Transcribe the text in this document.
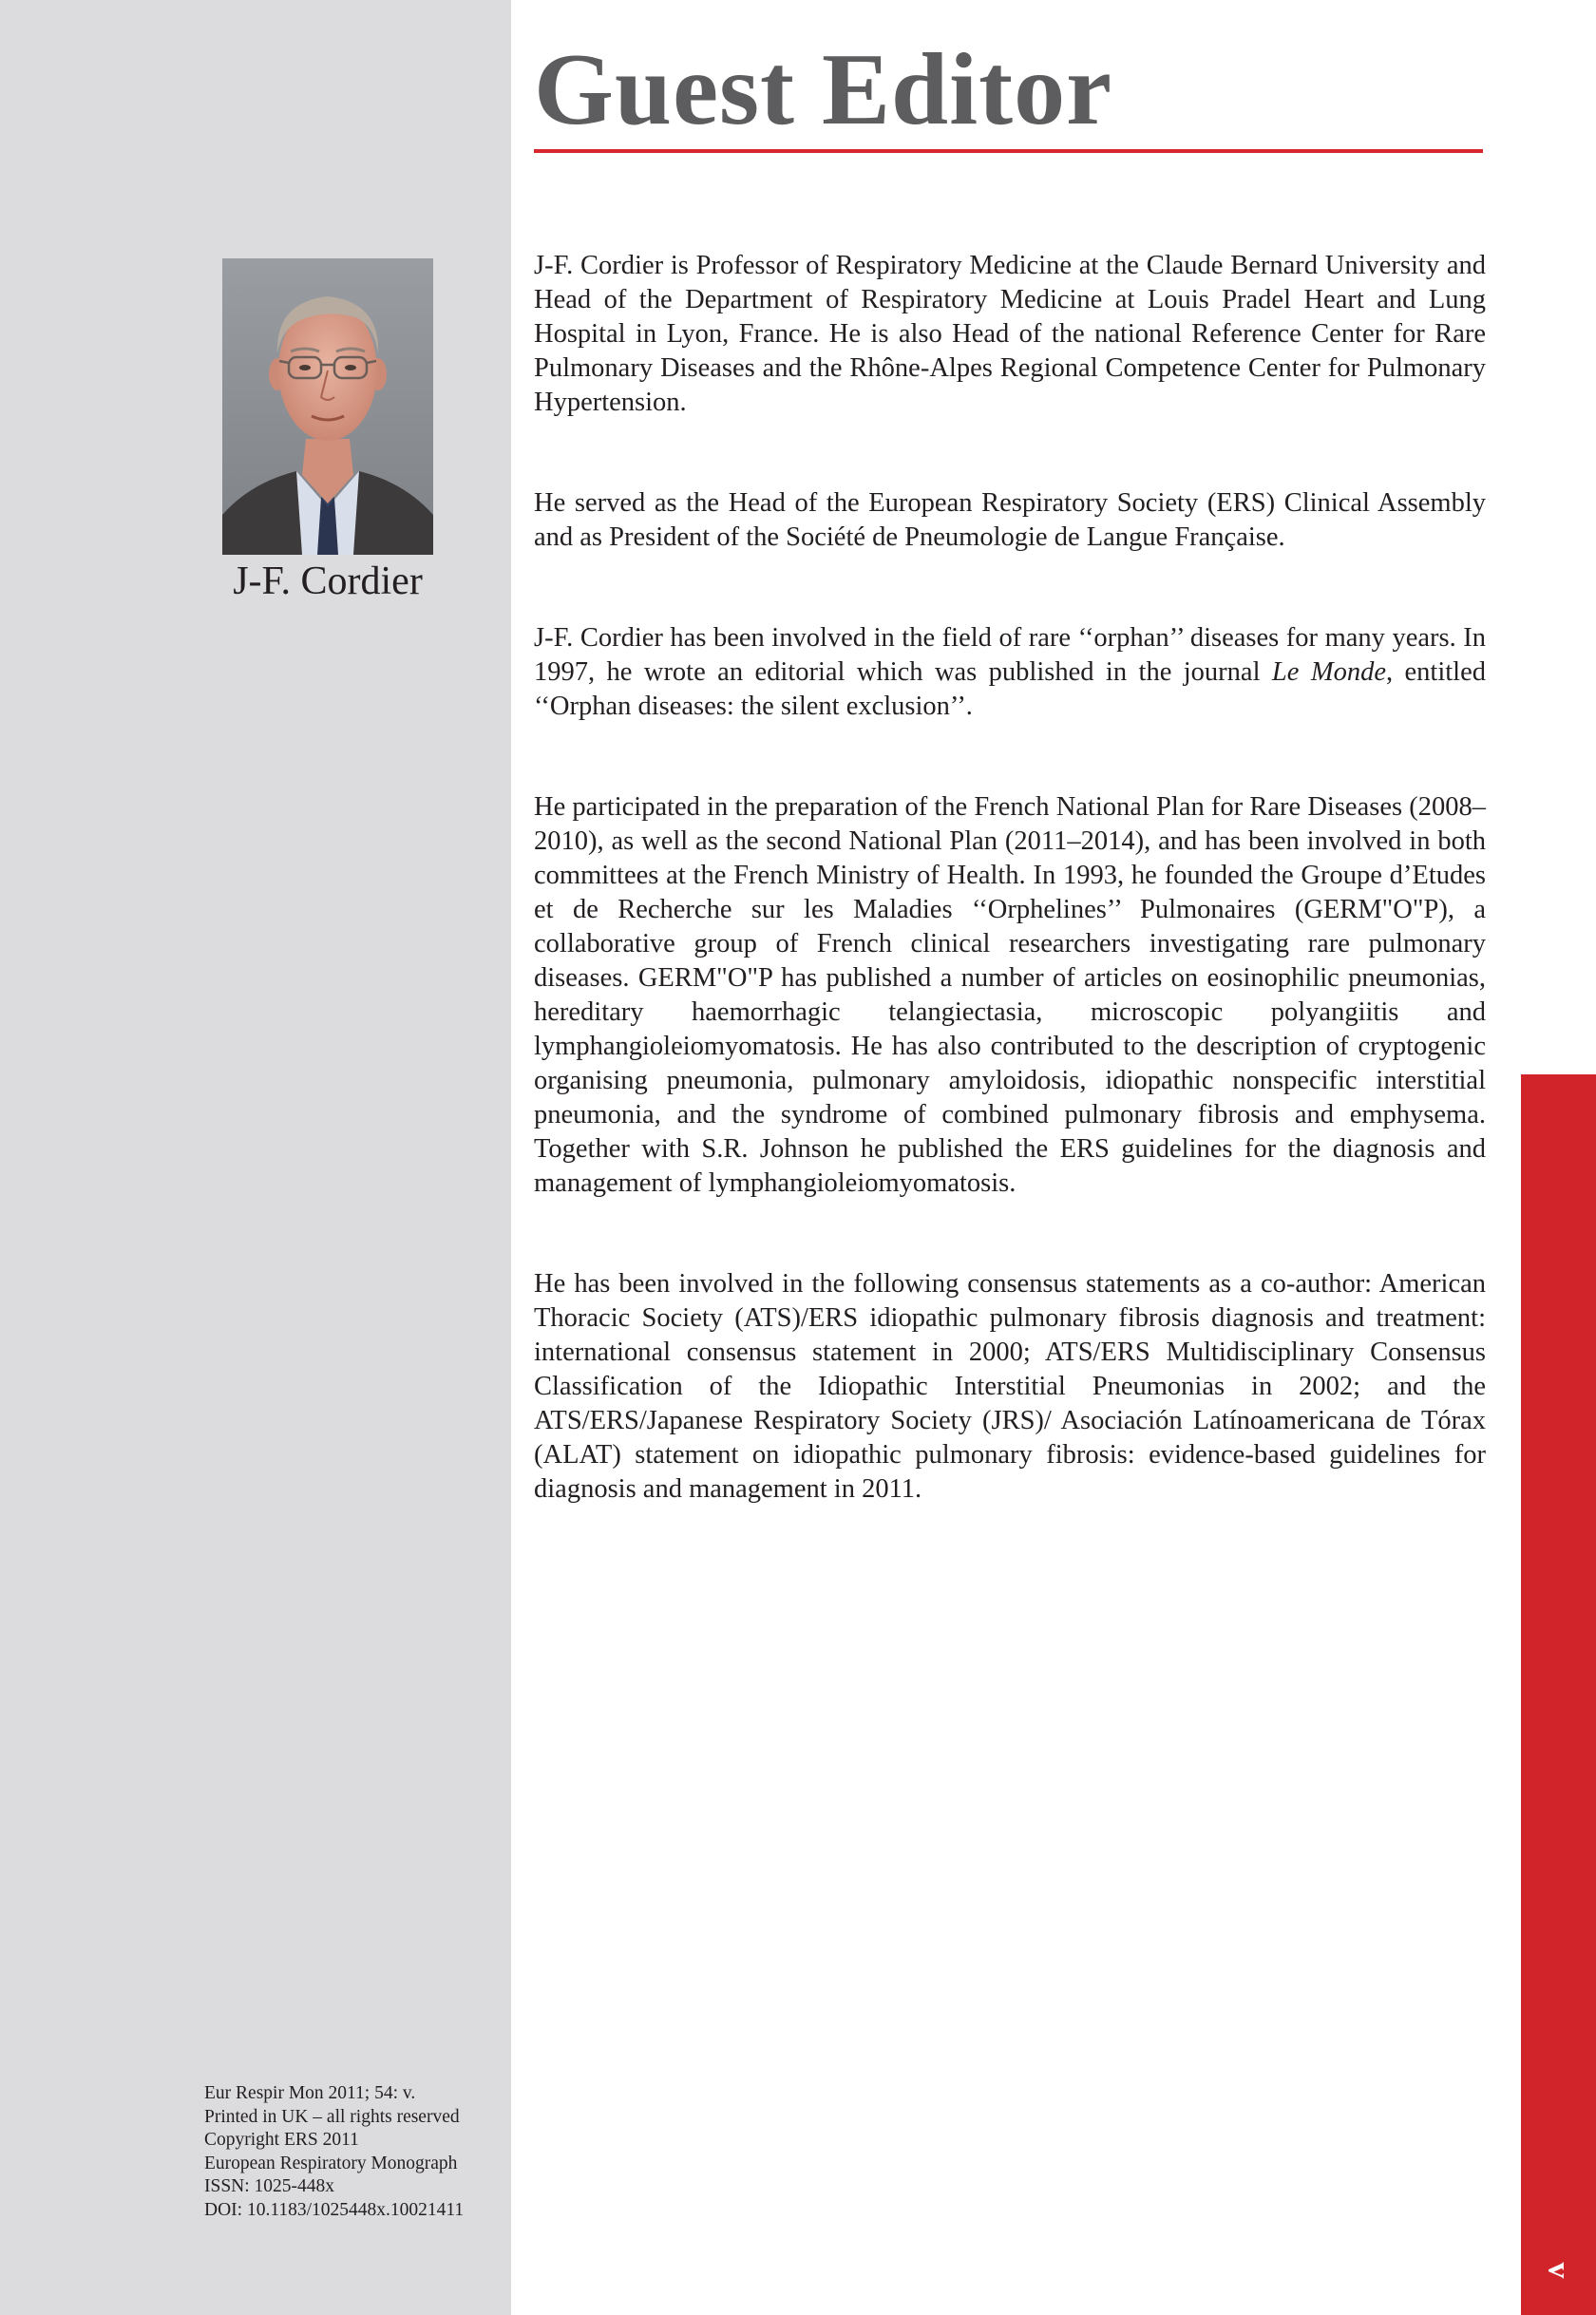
J-F. Cordier
Eur Respir Mon 2011; 54: v.
Printed in UK – all rights reserved
Copyright ERS 2011
European Respiratory Monograph
ISSN: 1025-448x
DOI: 10.1183/1025448x.10021411
Guest Editor

J-F. Cordier is Professor of Respiratory Medicine at the Claude Bernard University and Head of the Department of Respiratory Medicine at Louis Pradel Heart and Lung Hospital in Lyon, France. He is also Head of the national Reference Center for Rare Pulmonary Diseases and the Rhône-Alpes Regional Competence Center for Pulmonary Hypertension.

He served as the Head of the European Respiratory Society (ERS) Clinical Assembly and as President of the Société de Pneumologie de Langue Française.

J-F. Cordier has been involved in the field of rare ‘‘orphan’’ diseases for many years. In 1997, he wrote an editorial which was published in the journal Le Monde, entitled ‘‘Orphan diseases: the silent exclusion’’.

He participated in the preparation of the French National Plan for Rare Diseases (2008–2010), as well as the second National Plan (2011–2014), and has been involved in both committees at the French Ministry of Health. In 1993, he founded the Groupe d’Etudes et de Recherche sur les Maladies ‘‘Orphelines’’ Pulmonaires (GERM"O"P), a collaborative group of French clinical researchers investigating rare pulmonary diseases. GERM"O"P has published a number of articles on eosinophilic pneumonias, hereditary haemorrhagic telangiectasia, microscopic polyangiitis and lymphangioleiomyomatosis. He has also contributed to the description of cryptogenic organising pneumonia, pulmonary amyloidosis, idiopathic nonspecific interstitial pneumonia, and the syndrome of combined pulmonary fibrosis and emphysema. Together with S.R. Johnson he published the ERS guidelines for the diagnosis and management of lymphangioleiomyomatosis.

He has been involved in the following consensus statements as a co-author: American Thoracic Society (ATS)/ERS idiopathic pulmonary fibrosis diagnosis and treatment: international consensus statement in 2000; ATS/ERS Multidisciplinary Consensus Classification of the Idiopathic Interstitial Pneumonias in 2002; and the ATS/ERS/Japanese Respiratory Society (JRS)/ Asociación Latínoamericana de Tórax (ALAT) statement on idiopathic pulmonary fibrosis: evidence-based guidelines for diagnosis and management in 2011.

v
